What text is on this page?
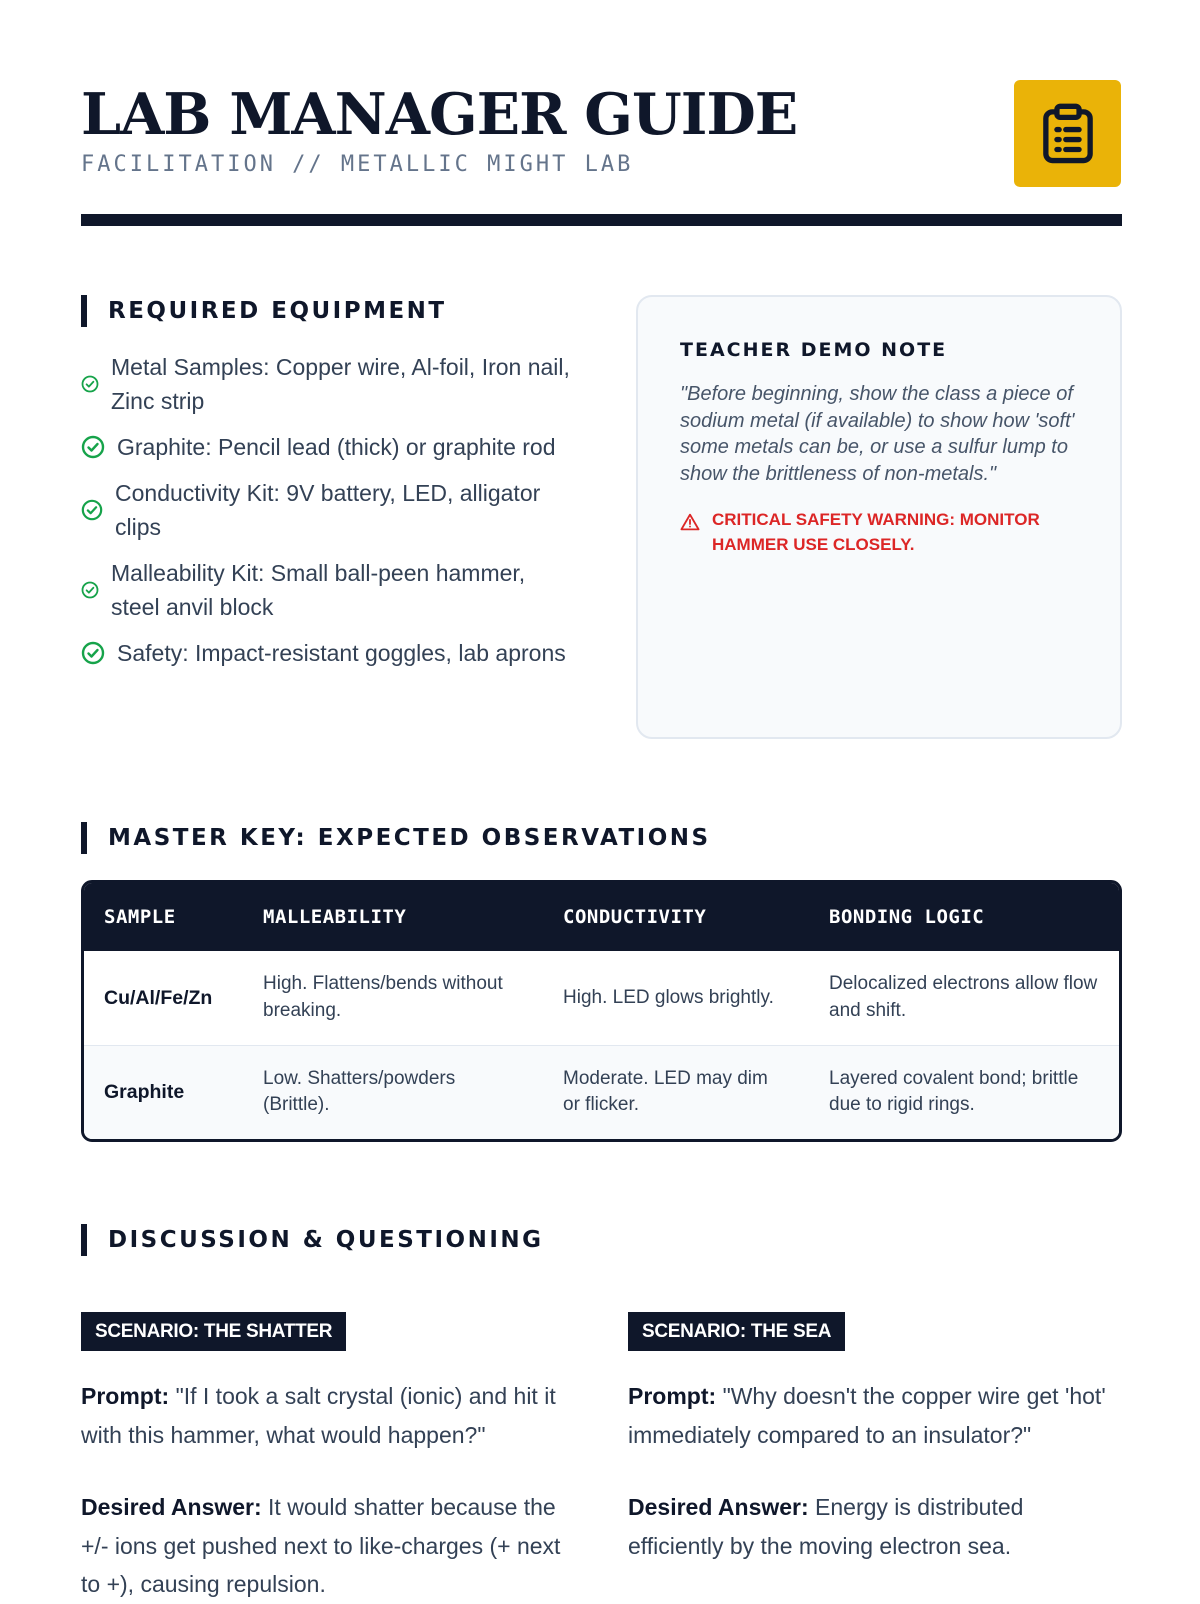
LAB MANAGER GUIDE
FACILITATION // METALLIC MIGHT LAB
REQUIRED EQUIPMENT
Metal Samples: Copper wire, Al-foil, Iron nail, Zinc strip
Graphite: Pencil lead (thick) or graphite rod
Conductivity Kit: 9V battery, LED, alligator clips
Malleability Kit: Small ball-peen hammer, steel anvil block
Safety: Impact-resistant goggles, lab aprons
TEACHER DEMO NOTE

"Before beginning, show the class a piece of sodium metal (if available) to show how 'soft' some metals can be, or use a sulfur lump to show the brittleness of non-metals."

CRITICAL SAFETY WARNING: MONITOR HAMMER USE CLOSELY.
MASTER KEY: EXPECTED OBSERVATIONS
SAMPLE	MALLEABILITY	CONDUCTIVITY	BONDING LOGIC
Cu/Al/Fe/Zn	High. Flattens/bends without breaking.	High. LED glows brightly.	Delocalized electrons allow flow and shift.
Graphite	Low. Shatters/powders (Brittle).	Moderate. LED may dim or flicker.	Layered covalent bond; brittle due to rigid rings.
DISCUSSION & QUESTIONING
SCENARIO: THE SHATTER

Prompt: "If I took a salt crystal (ionic) and hit it with this hammer, what would happen?"

Desired Answer: It would shatter because the +/- ions get pushed next to like-charges (+ next to +), causing repulsion.

SCENARIO: THE SEA

Prompt: "Why doesn't the copper wire get 'hot' immediately compared to an insulator?"

Desired Answer: Energy is distributed efficiently by the moving electron sea.
